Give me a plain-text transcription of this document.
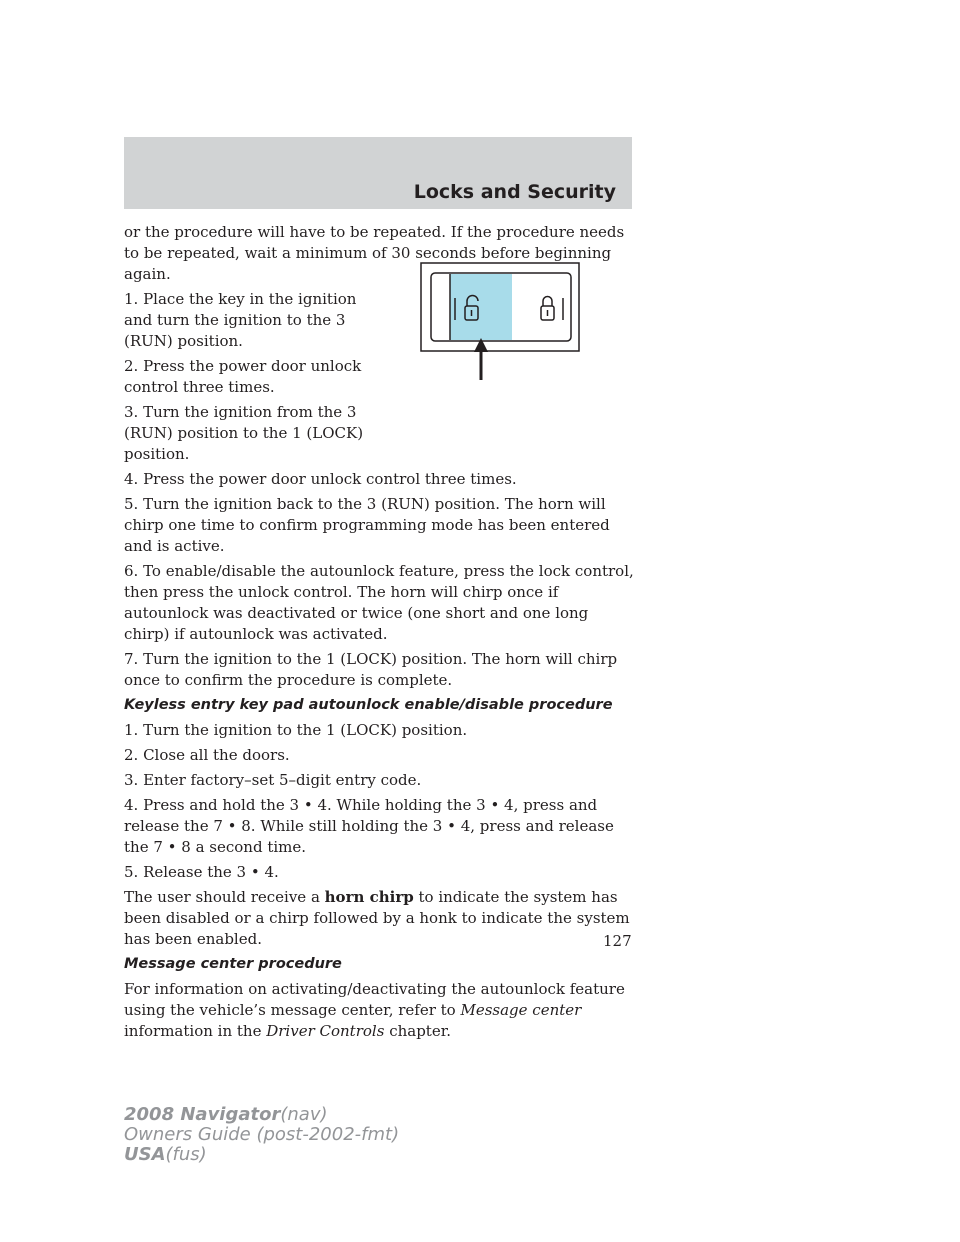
Locks and Security

or the procedure will have to be repeated. If the procedure needs to be repeated, wait a minimum of 30 seconds before beginning again.

1. Place the key in the ignition and turn the ignition to the 3 (RUN) position.

2. Press the power door unlock control three times.

3. Turn the ignition from the 3 (RUN) position to the 1 (LOCK) position.

4. Press the power door unlock control three times.

5. Turn the ignition back to the 3 (RUN) position. The horn will chirp one time to confirm programming mode has been entered and is active.

6. To enable/disable the autounlock feature, press the lock control, then press the unlock control. The horn will chirp once if autounlock was deactivated or twice (one short and one long chirp) if autounlock was activated.

7. Turn the ignition to the 1 (LOCK) position. The horn will chirp once to confirm the procedure is complete.

Keyless entry key pad autounlock enable/disable procedure

1. Turn the ignition to the 1 (LOCK) position.

2. Close all the doors.

3. Enter factory–set 5–digit entry code.

4. Press and hold the 3 • 4. While holding the 3 • 4, press and release the 7 • 8. While still holding the 3 • 4, press and release the 7 • 8 a second time.

5. Release the 3 • 4.

The user should receive a horn chirp to indicate the system has been disabled or a chirp followed by a honk to indicate the system has been enabled.

Message center procedure

For information on activating/deactivating the autounlock feature using the vehicle’s message center, refer to Message center information in the Driver Controls chapter.

127
2008 Navigator(nav)
Owners Guide (post-2002-fmt)
USA(fus)
